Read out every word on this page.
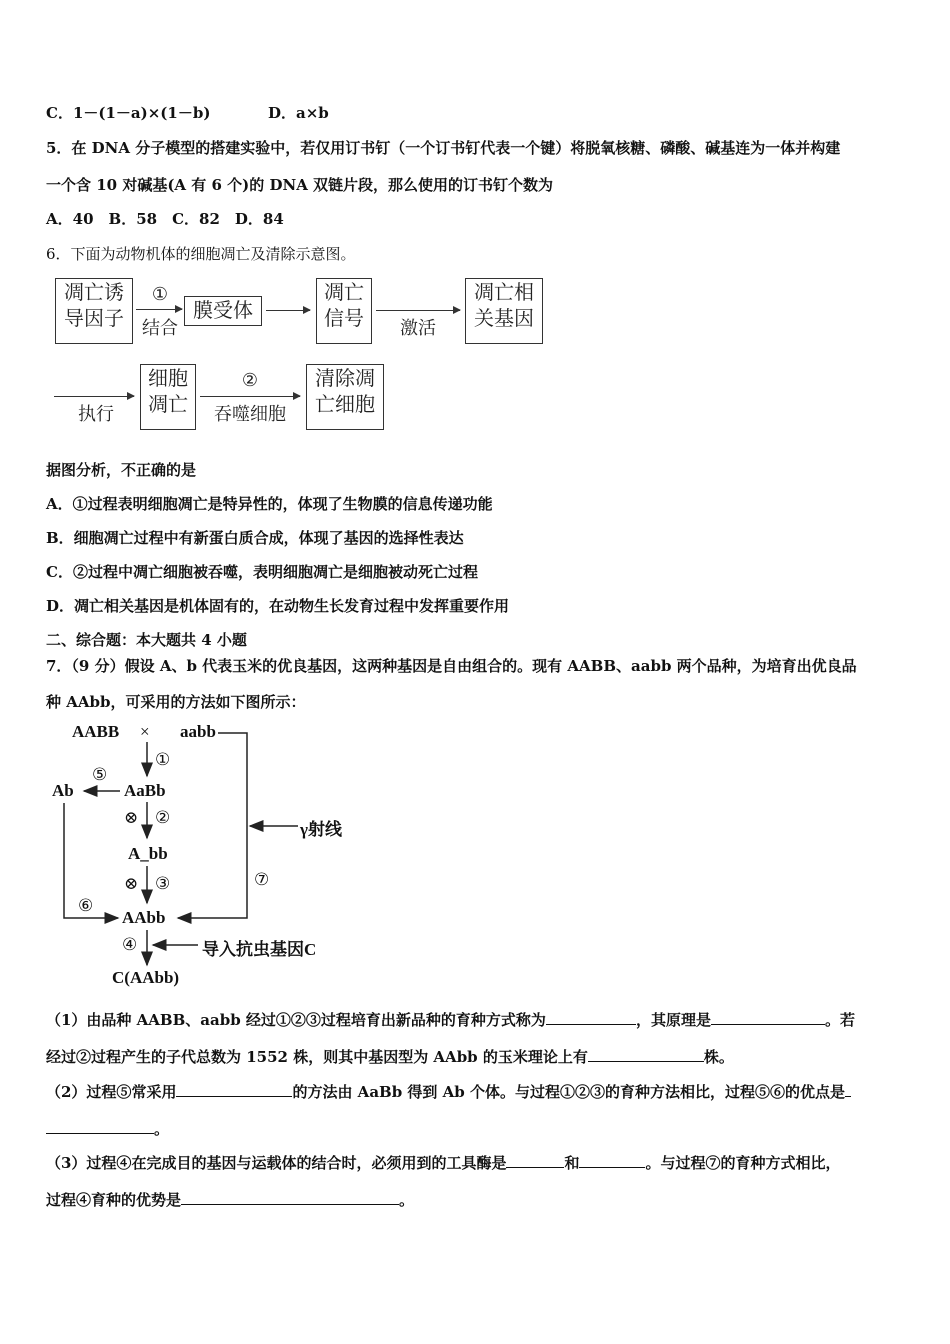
C．1－(1－a)×(1－b)	D．a×b
5．在 DNA 分子模型的搭建实验中，若仅用订书钉（一个订书钉代表一个键）将脱氧核糖、磷酸、碱基连为一体并构建
一个含 10 对碱基(A 有 6 个)的 DNA 双链片段，那么使用的订书钉个数为
A．40　B．58　C．82　D．84
6．下面为动物机体的细胞凋亡及清除示意图。
凋亡诱
导因子
①
结合
膜受体
凋亡
信号	激活
凋亡相
关基因
执行
细胞
凋亡
②
吞噬细胞
清除凋
亡细胞
据图分析，不正确的是
A．①过程表明细胞凋亡是特异性的，体现了生物膜的信息传递功能
B．细胞凋亡过程中有新蛋白质合成，体现了基因的选择性表达
C．②过程中凋亡细胞被吞噬，表明细胞凋亡是细胞被动死亡过程
D．凋亡相关基因是机体固有的，在动物生长发育过程中发挥重要作用
二、综合题：本大题共 4 小题
7．（9 分）假设 A、b 代表玉米的优良基因，这两种基因是自由组合的。现有 AABB、aabb 两个品种，为培育出优良品
种 AAbb，可采用的方法如下图所示：
AABB × aabb
①
AaBb
Ab
⑤
⊗ ②
A_bb
⊗ ③
AAbb
⑥
⑦
γ射线
④	导入抗虫基因C
C(AAbb)
（1）由品种 AABB、aabb 经过①②③过程培育出新品种的育种方式称为	，其原理是	。若
经过②过程产生的子代总数为 1552 株，则其中基因型为 AAbb 的玉米理论上有	株。
（2）过程⑤常采用	的方法由 AaBb 得到 Ab 个体。与过程①②③的育种方法相比，过程⑤⑥的优点是
。
（3）过程④在完成目的基因与运载体的结合时，必须用到的工具酶是	和	。与过程⑦的育种方式相比，
过程④育种的优势是	。
